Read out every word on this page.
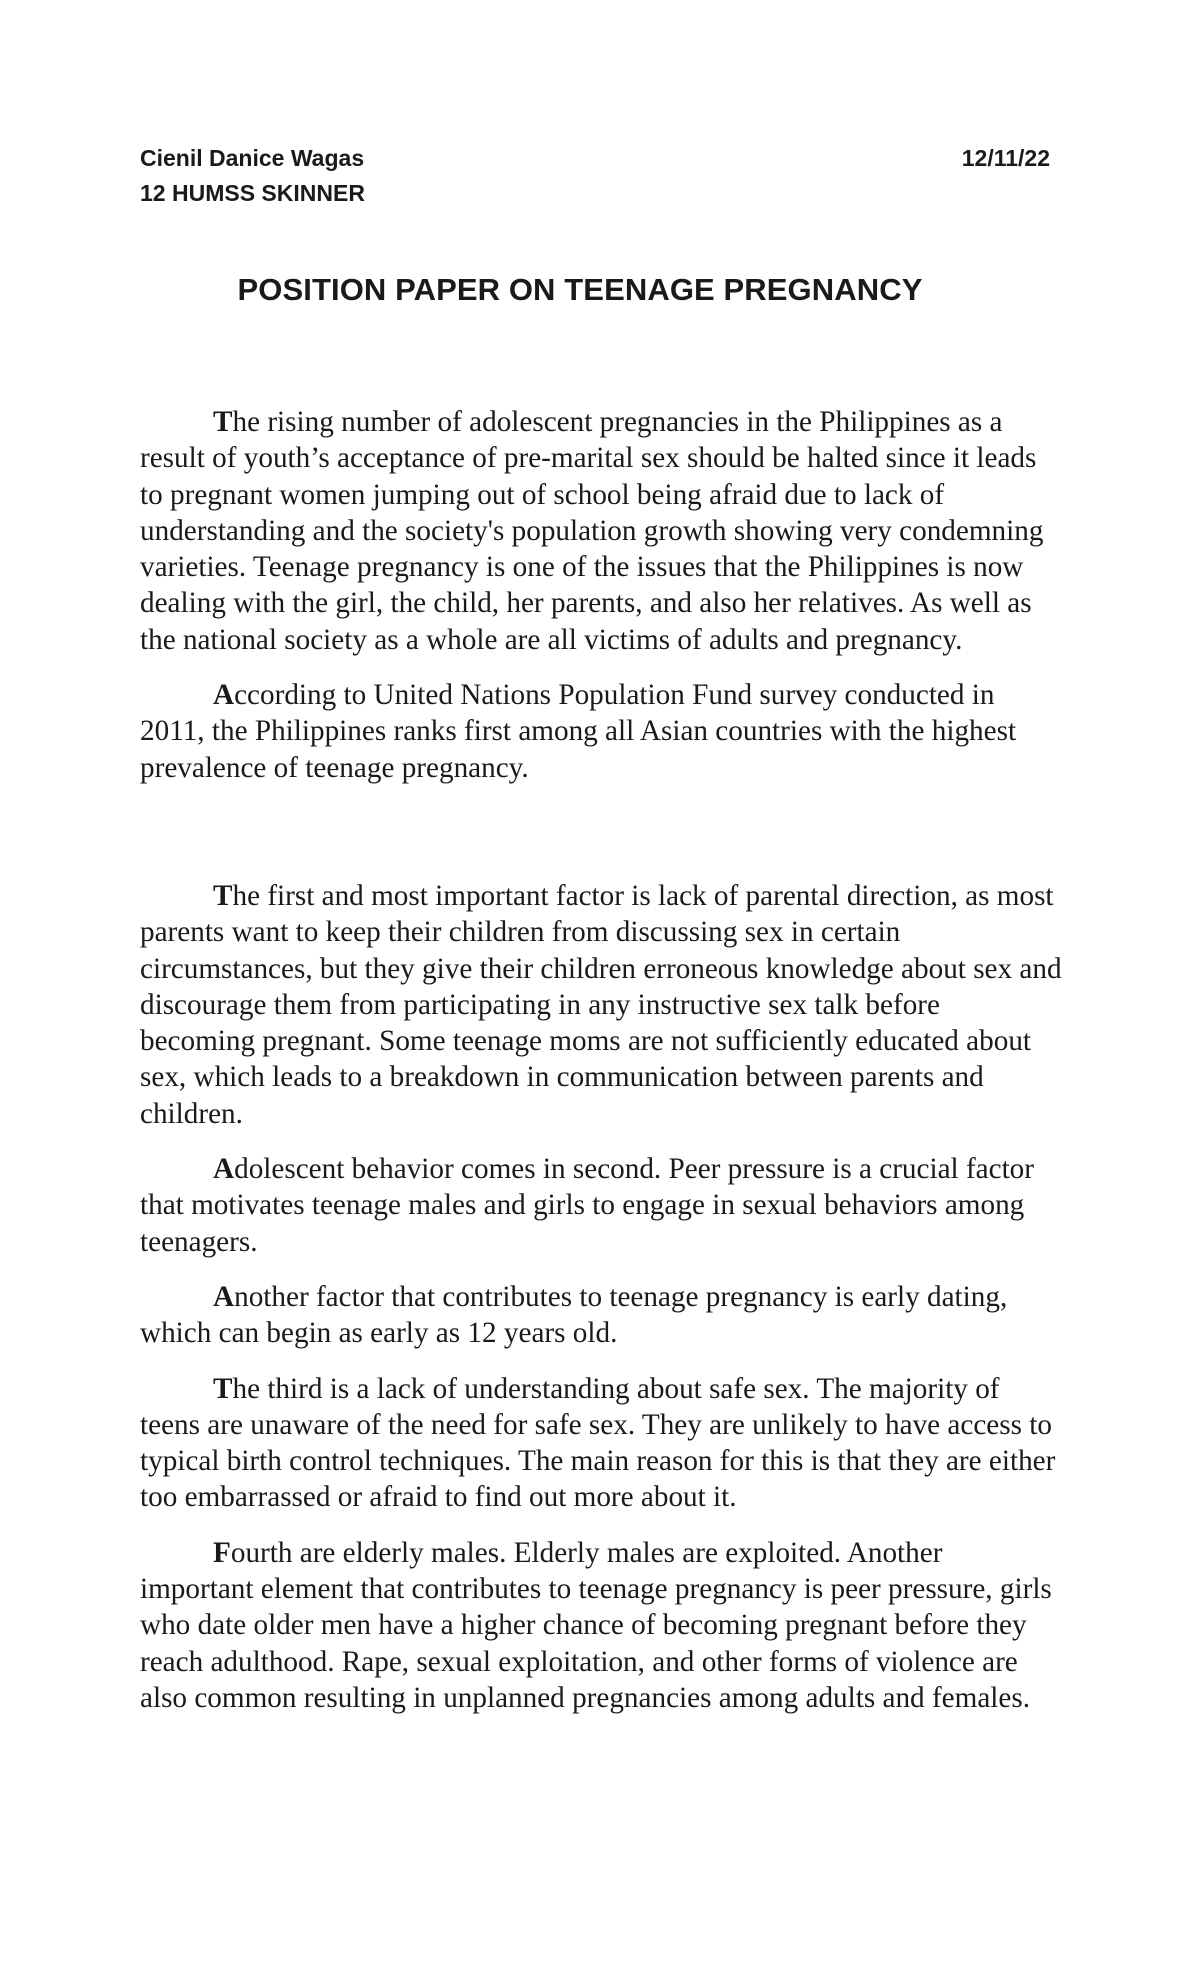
Cienil Danice Wagas	12/11/22
12 HUMSS SKINNER
POSITION PAPER ON TEENAGE PREGNANCY

The rising number of adolescent pregnancies in the Philippines as a result of youth’s acceptance of pre-marital sex should be halted since it leads to pregnant women jumping out of school being afraid due to lack of understanding and the society's population growth showing very condemning varieties. Teenage pregnancy is one of the issues that the Philippines is now dealing with the girl, the child, her parents, and also her relatives. As well as the national society as a whole are all victims of adults and pregnancy.

According to United Nations Population Fund survey conducted in 2011, the Philippines ranks first among all Asian countries with the highest prevalence of teenage pregnancy.

The first and most important factor is lack of parental direction, as most parents want to keep their children from discussing sex in certain circumstances, but they give their children erroneous knowledge about sex and discourage them from participating in any instructive sex talk before becoming pregnant. Some teenage moms are not sufficiently educated about sex, which leads to a breakdown in communication between parents and children.

Adolescent behavior comes in second. Peer pressure is a crucial factor that motivates teenage males and girls to engage in sexual behaviors among teenagers.

Another factor that contributes to teenage pregnancy is early dating, which can begin as early as 12 years old.

The third is a lack of understanding about safe sex. The majority of teens are unaware of the need for safe sex. They are unlikely to have access to typical birth control techniques. The main reason for this is that they are either too embarrassed or afraid to find out more about it.

Fourth are elderly males. Elderly males are exploited. Another important element that contributes to teenage pregnancy is peer pressure, girls who date older men have a higher chance of becoming pregnant before they reach adulthood. Rape, sexual exploitation, and other forms of violence are also common resulting in unplanned pregnancies among adults and females.
